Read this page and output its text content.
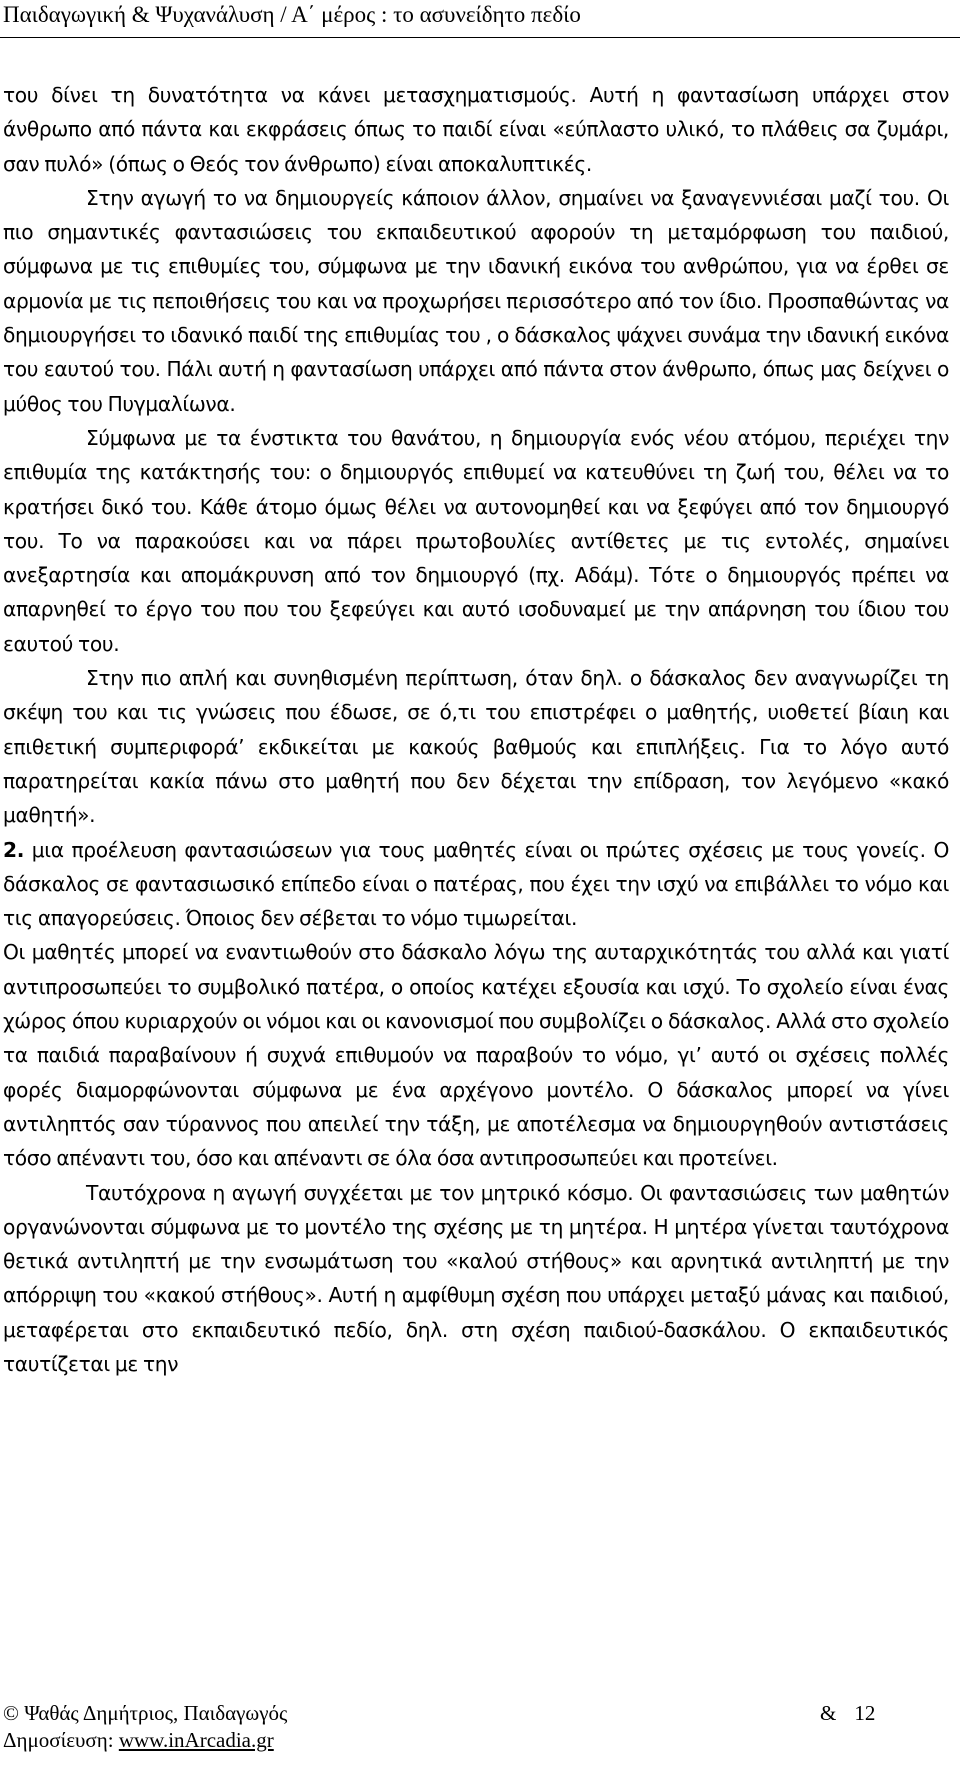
Παιδαγωγική & Ψυχανάλυση / Α΄ μέρος : το ασυνείδητο πεδίο

του δίνει τη δυνατότητα να κάνει μετασχηματισμούς. Αυτή η φαντασίωση υπάρχει στον άνθρωπο από πάντα και εκφράσεις όπως το παιδί είναι «εύπλαστο υλικό, το πλάθεις σα ζυμάρι, σαν πυλό» (όπως ο Θεός τον άνθρωπο) είναι αποκαλυπτικές.

Στην αγωγή το να δημιουργείς κάποιον άλλον, σημαίνει να ξαναγεννιέσαι μαζί του. Οι πιο σημαντικές φαντασιώσεις του εκπαιδευτικού αφορούν τη μεταμόρφωση του παιδιού, σύμφωνα με τις επιθυμίες του, σύμφωνα με την ιδανική εικόνα του ανθρώπου, για να έρθει σε αρμονία με τις πεποιθήσεις του και να προχωρήσει περισσότερο από τον ίδιο. Προσπαθώντας να δημιουργήσει το ιδανικό παιδί της επιθυμίας του , ο δάσκαλος ψάχνει συνάμα την ιδανική εικόνα του εαυτού του. Πάλι αυτή η φαντασίωση υπάρχει από πάντα στον άνθρωπο, όπως μας δείχνει ο μύθος του Πυγμαλίωνα.

Σύμφωνα με τα ένστικτα του θανάτου, η δημιουργία ενός νέου ατόμου, περιέχει την επιθυμία της κατάκτησής του: ο δημιουργός επιθυμεί να κατευθύνει τη ζωή του, θέλει να το κρατήσει δικό του. Κάθε άτομο όμως θέλει να αυτονομηθεί και να ξεφύγει από τον δημιουργό του. Το να παρακούσει και να πάρει πρωτοβουλίες αντίθετες με τις εντολές, σημαίνει ανεξαρτησία και απομάκρυνση από τον δημιουργό (πχ. Αδάμ). Τότε ο δημιουργός πρέπει να απαρνηθεί το έργο του που του ξεφεύγει και αυτό ισοδυναμεί με την απάρνηση του ίδιου του εαυτού του.

Στην πιο απλή και συνηθισμένη περίπτωση, όταν δηλ. ο δάσκαλος δεν αναγνωρίζει τη σκέψη του και τις γνώσεις που έδωσε, σε ό,τι του επιστρέφει ο μαθητής, υιοθετεί βίαιη και επιθετική συμπεριφορά’ εκδικείται με κακούς βαθμούς και επιπλήξεις. Για το λόγο αυτό παρατηρείται κακία πάνω στο μαθητή που δεν δέχεται την επίδραση, τον λεγόμενο «κακό μαθητή».

2. μια προέλευση φαντασιώσεων για τους μαθητές είναι οι πρώτες σχέσεις με τους γονείς. Ο δάσκαλος σε φαντασιωσικό επίπεδο είναι ο πατέρας, που έχει την ισχύ να επιβάλλει το νόμο και τις απαγορεύσεις. Όποιος δεν σέβεται το νόμο τιμωρείται.

Οι μαθητές μπορεί να εναντιωθούν στο δάσκαλο λόγω της αυταρχικότητάς του αλλά και γιατί αντιπροσωπεύει το συμβολικό πατέρα, ο οποίος κατέχει εξουσία και ισχύ. Το σχολείο είναι ένας χώρος όπου κυριαρχούν οι νόμοι και οι κανονισμοί που συμβολίζει ο δάσκαλος. Αλλά στο σχολείο τα παιδιά παραβαίνουν ή συχνά επιθυμούν να παραβούν το νόμο, γι’ αυτό οι σχέσεις πολλές φορές διαμορφώνονται σύμφωνα με ένα αρχέγονο μοντέλο. Ο δάσκαλος μπορεί να γίνει αντιληπτός σαν τύραννος που απειλεί την τάξη, με αποτέλεσμα να δημιουργηθούν αντιστάσεις τόσο απέναντι του, όσο και απέναντι σε όλα όσα αντιπροσωπεύει και προτείνει.

Ταυτόχρονα η αγωγή συγχέεται με τον μητρικό κόσμο. Οι φαντασιώσεις των μαθητών οργανώνονται σύμφωνα με το μοντέλο της σχέσης με τη μητέρα. Η μητέρα γίνεται ταυτόχρονα θετικά αντιληπτή με την ενσωμάτωση του «καλού στήθους» και αρνητικά αντιληπτή με την απόρριψη του «κακού στήθους». Αυτή η αμφίθυμη σχέση που υπάρχει μεταξύ μάνας και παιδιού, μεταφέρεται στο εκπαιδευτικό πεδίο, δηλ. στη σχέση παιδιού-δασκάλου. Ο εκπαιδευτικός ταυτίζεται με την

© Ψαθάς Δημήτριος, Παιδαγωγός
Δημοσίευση: www.inArcadia.gr
& 12
